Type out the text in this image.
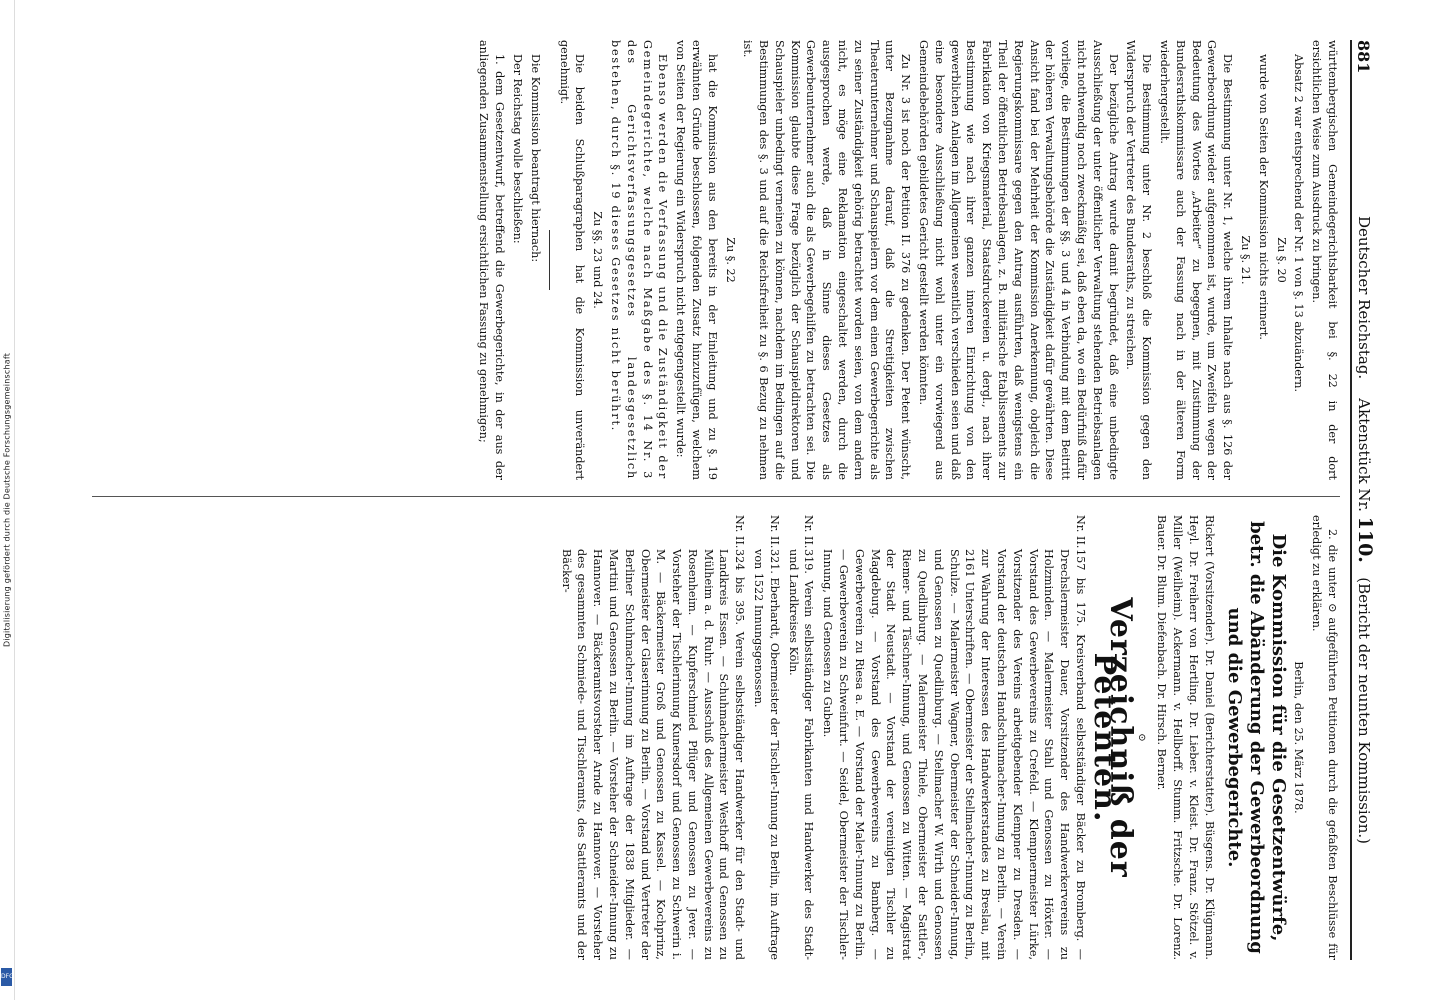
Digitalisierung gefördert durch die Deutsche Forschungsgemeinschaft
DFG
881
Deutscher Reichstag.    Aktenstück Nr. 110.   (Bericht der neunten Kommission.)

württembergischen Gemeindegerichtsbarkeit bei §. 22 in der dort ersichtlichen Weise zum Ausdruck zu bringen.

Absatz 2 war entsprechend der Nr. 1 von §. 13 abzuändern.

Zu §. 20

wurde von Seiten der Kommission nichts erinnert.

Zu §. 21.

Die Bestimmung unter Nr. 1, welche ihrem Inhalte nach aus §. 126 der Gewerbeordnung wieder aufgenommen ist, wurde, um Zweifeln wegen der Bedeutung des Wortes „Arbeiter“ zu begegnen, mit Zustimmung der Bundesrathskommissare auch der Fassung nach in der älteren Form wiederhergestellt.

Die Bestimmung unter Nr. 2 beschloß die Kommission gegen den Widerspruch der Vertreter des Bundesraths, zu streichen.

Der bezügliche Antrag wurde damit begründet, daß eine unbedingte Ausschließung der unter öffentlicher Verwaltung stehenden Betriebsanlagen nicht nothwendig noch zweckmäßig sei, daß eben da, wo ein Bedürfniß dafür vorliege, die Bestimmungen der §§. 3 und 4 in Verbindung mit dem Beitritt der höheren Verwaltungsbehörde die Zuständigkeit dafür gewährten. Diese Ansicht fand bei der Mehrheit der Kommission Anerkennung, obgleich die Regierungskommissare gegen den Antrag ausführten, daß wenigstens ein Theil der öffentlichen Betriebsanlagen, z. B. militärische Etablissements zur Fabrikation von Kriegsmaterial, Staatsdruckereien u. dergl., nach ihrer Bestimmung wie nach ihrer ganzen inneren Einrichtung von den gewerblichen Anlagen im Allgemeinen wesentlich verschieden seien und daß eine besondere Ausschließung nicht wohl unter ein vorwiegend aus Gemeindebehörden gebildetes Gericht gestellt werden könnten.

Zu Nr. 3 ist noch der Petition II. 376 zu gedenken. Der Petent wünscht, unter Bezugnahme darauf, daß die Streitigkeiten zwischen Theaterunternehmer und Schauspielern vor dem einen Gewerbegerichte als zu seiner Zuständigkeit gehörig betrachtet worden seien, von dem andern nicht, es möge eine Reklamation eingeschaltet werden, durch die ausgesprochen werde, daß in Sinne dieses Gesetzes als Gewerbeunternehmer auch die als Gewerbegehilfen zu betrachten sei. Die Kommission glaubte diese Frage bezüglich der Schauspieldirektoren und Schauspieler unbedingt verneinen zu können, nachdem im Bedingen auf die Bestimmungen des §. 3 und auf die Reichsfreiheit zu §. 6 Bezug zu nehmen ist.

Zu §. 22

hat die Kommission aus den bereits in der Einleitung und zu §. 19 erwähnten Gründe beschlossen, folgenden Zusatz hinzuzufügen, welchem von Seiten der Regierung ein Widerspruch nicht entgegengestellt wurde:

Ebenso werden die Verfassung und die Zuständigkeit der Gemeindegerichte, welche nach Maßgabe des §. 14 Nr. 3 des Gerichtsverfassungsgesetzes landesgesetzlich bestehen, durch §. 19 dieses Gesetzes nicht berührt.

Zu §§. 23 und 24.

Die beiden Schlußparagraphen hat die Kommission unverändert genehmigt.

Die Kommission beantragt hiernach:

Der Reichstag wolle beschließen:

1. dem Gesetzentwurf, betreffend die Gewerbegerichte, in der aus der anliegenden Zusammenstellung ersichtlichen Fassung zu genehmigen;

2. die unter ⊙ aufgeführten Petitionen durch die gefaßten Beschlüsse für erledigt zu erklären.

Berlin, den 25. März 1878.

Die Kommission für die Gesetzentwürfe, betr. die Abänderung der Gewerbeordnung und die Gewerbegerichte.

Rickert (Vorsitzender). Dr. Daniel (Berichterstatter). Büsgens. Dr. Klügmann. Heyl. Dr. Freiherr von Hertling. Dr. Lieber. v. Kleist. Dr. Franz. Stötzel. v. Miller (Weilheim). Ackermann. v. Hellborff. Stumm. Fritzsche. Dr. Lorenz. Bauer. Dr. Blum. Diefenbach. Dr. Hirsch. Berner.

⊙
Verzeichniß der Petenten.
Nr. II.157 bis 175. Kreisverband selbstständiger Bäcker zu Bromberg. — Drechslermeister Dauer, Vorsitzender des Handwerkervereins zu Holzminden. — Malermeister Stahl und Genossen zu Höxter. — Vorstand des Gewerbevereins zu Crefeld. — Klempnermeister Lürke, Vorsitzender des Vereins arbeitgebender Klempner zu Dresden. — Vorstand der deutschen Handschuhmacher-Innung zu Berlin. — Verein zur Wahrung der Interessen des Handwerkerstandes zu Breslau, mit 2161 Unterschriften. — Obermeister der Stellmacher-Innung zu Berlin, Schulze. — Malermeister Wagner, Obermeister der Schneider-Innung, und Genossen zu Quedlinburg. — Stellmacher W. Wirth und Genossen zu Quedlinburg. — Malermeister Thiele, Obermeister der Sattler-, Riemer- und Täschner-Innung, und Genossen zu Witten. — Magistrat der Stadt Neustadt. — Vorstand der vereinigten Tischler zu Magdeburg. — Vorstand des Gewerbevereins zu Bamberg. — Gewerbeverein zu Riesa a. E. — Vorstand der Maler-Innung zu Berlin. — Gewerbeverein zu Schweinfurt. — Seidel, Obermeister der Tischler-Innung, und Genossen zu Guben.
Nr. II.319. Verein selbstständiger Fabrikanten und Handwerker des Stadt- und Landkreises Köln.
Nr. II.321. Eberhardt, Obermeister der Tischler-Innung zu Berlin, im Auftrage von 1522 Innungsgenossen.
Nr. II.324 bis 395. Verein selbstständiger Handwerker für den Stadt- und Landkreis Essen. — Schuhmachermeister Westhoff und Genossen zu Mülheim a. d. Ruhr. — Ausschuß des Allgemeinen Gewerbevereins zu Rosenheim. — Kupferschmied Pflüger und Genossen zu Jever. — Vorsteher der Tischlerinnung Kunersdorf und Genossen zu Schwerin i. M. — Bäckermeister Groß und Genossen zu Kassel. — Kochprinz, Obermeister der Glaserinnung zu Berlin. — Vorstand und Vertreter der Berliner Schuhmacher-Innung im Auftrage der 1838 Mitglieder. — Martini und Genossen zu Berlin. — Vorsteher der Schneider-Innung zu Hannover. — Bäckeramtsvorsteher Arnde zu Hannover. — Vorsteher des gesammten Schmiede- und Tischleramts, des Sattleramts und der Bäcker-
